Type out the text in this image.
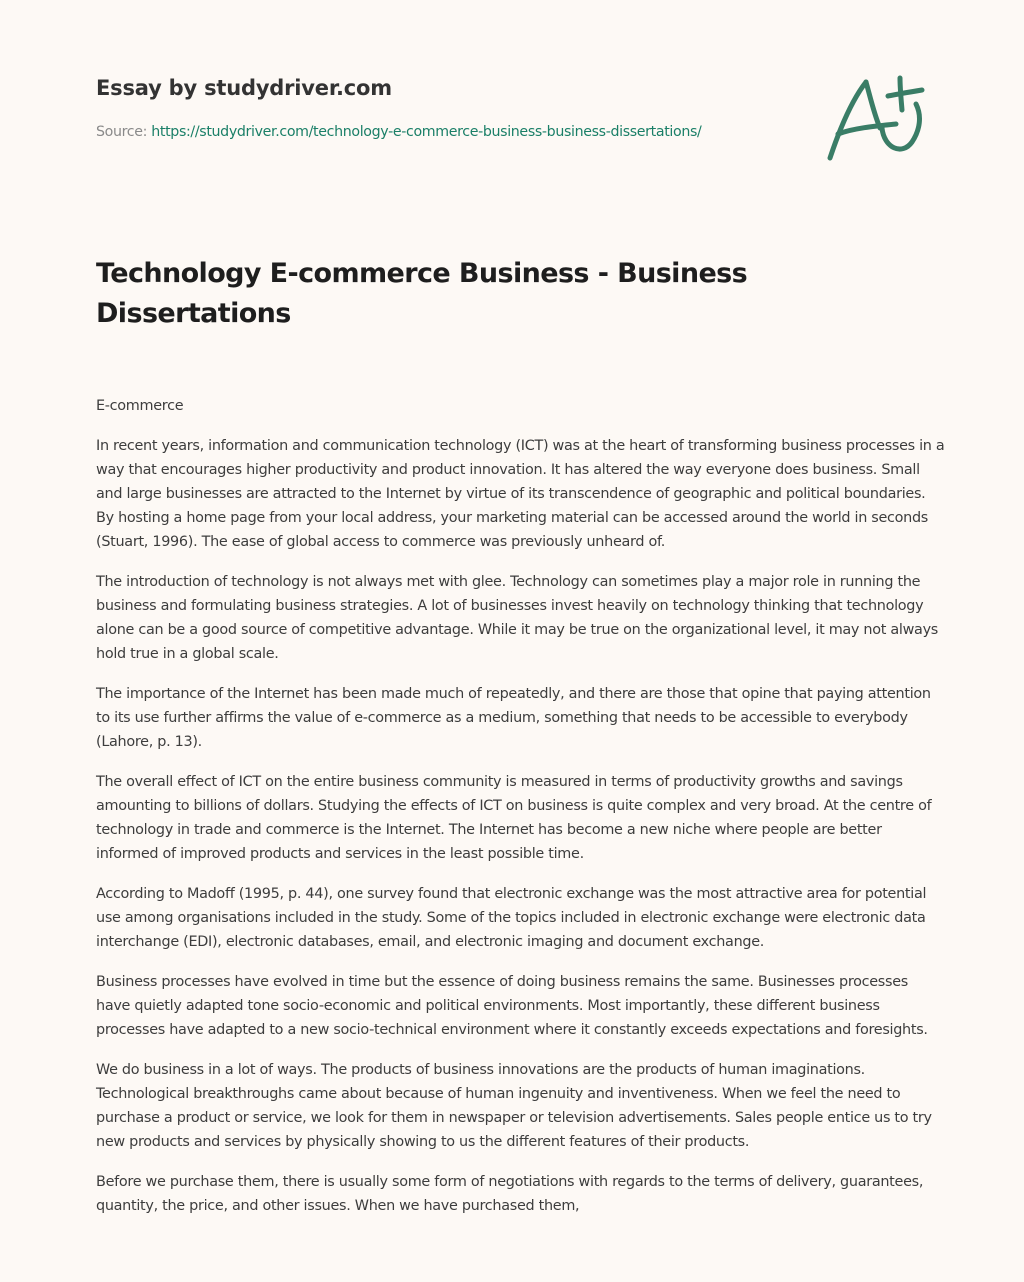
Essay by studydriver.com
Source: https://studydriver.com/technology-e-commerce-business-business-dissertations/
Technology E-commerce Business - Business Dissertations

E-commerce

In recent years, information and communication technology (ICT) was at the heart of transforming business processes in a way that encourages higher productivity and product innovation. It has altered the way everyone does business. Small and large businesses are attracted to the Internet by virtue of its transcendence of geographic and political boundaries. By hosting a home page from your local address, your marketing material can be accessed around the world in seconds (Stuart, 1996). The ease of global access to commerce was previously unheard of.

The introduction of technology is not always met with glee. Technology can sometimes play a major role in running the business and formulating business strategies. A lot of businesses invest heavily on technology thinking that technology alone can be a good source of competitive advantage. While it may be true on the organizational level, it may not always hold true in a global scale.

The importance of the Internet has been made much of repeatedly, and there are those that opine that paying attention to its use further affirms the value of e-commerce as a medium, something that needs to be accessible to everybody (Lahore, p. 13).

The overall effect of ICT on the entire business community is measured in terms of productivity growths and savings amounting to billions of dollars. Studying the effects of ICT on business is quite complex and very broad. At the centre of technology in trade and commerce is the Internet. The Internet has become a new niche where people are better informed of improved products and services in the least possible time.

According to Madoff (1995, p. 44), one survey found that electronic exchange was the most attractive area for potential use among organisations included in the study. Some of the topics included in electronic exchange were electronic data interchange (EDI), electronic databases, email, and electronic imaging and document exchange.

Business processes have evolved in time but the essence of doing business remains the same. Businesses processes have quietly adapted tone socio-economic and political environments. Most importantly, these different business processes have adapted to a new socio-technical environment where it constantly exceeds expectations and foresights.

We do business in a lot of ways. The products of business innovations are the products of human imaginations. Technological breakthroughs came about because of human ingenuity and inventiveness. When we feel the need to purchase a product or service, we look for them in newspaper or television advertisements. Sales people entice us to try new products and services by physically showing to us the different features of their products.

Before we purchase them, there is usually some form of negotiations with regards to the terms of delivery, guarantees, quantity, the price, and other issues. When we have purchased them,
